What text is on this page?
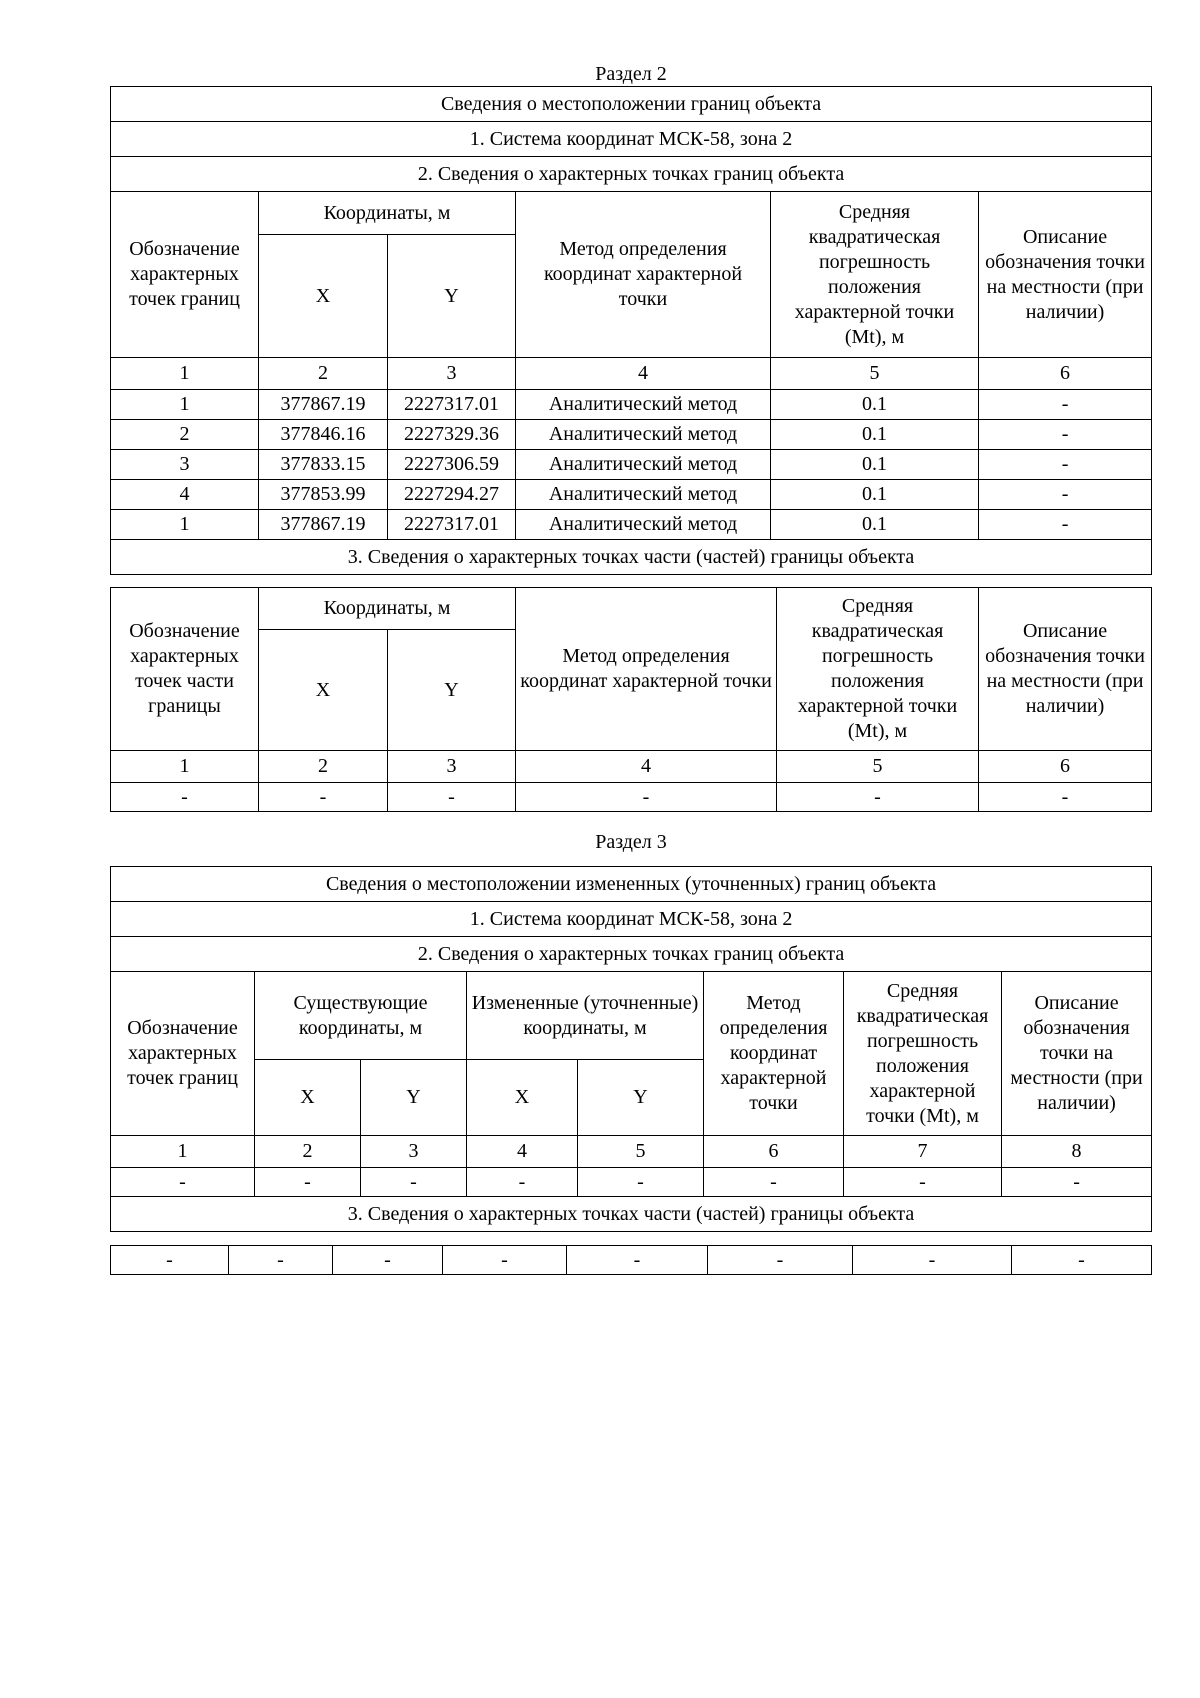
Раздел 2
Сведения о местоположении границ объекта					
1. Система координат МСК-58, зона 2					
2. Сведения о характерных точках границ объекта					
Обозначение характерных точек границ	Координаты, м		Метод определения координат характерной точки	Средняя квадратическая погрешность положения характерной точки (Mt), м	Описание обозначения точки на местности (при наличии)
	X	Y			
1	2	3	4	5	6
1	377867.19	2227317.01	Аналитический метод	0.1	-
2	377846.16	2227329.36	Аналитический метод	0.1	-
3	377833.15	2227306.59	Аналитический метод	0.1	-
4	377853.99	2227294.27	Аналитический метод	0.1	-
1	377867.19	2227317.01	Аналитический метод	0.1	-
3. Сведения о характерных точках части (частей) границы объекта					
Обозначение характерных точек части границы	Координаты, м		Метод определения координат характерной точки	Средняя квадратическая погрешность положения характерной точки (Mt), м	Описание обозначения точки на местности (при наличии)
	X	Y			
1	2	3	4	5	6
-	-	-	-	-	-
Раздел 3
Сведения о местоположении измененных (уточненных) границ объекта							
1. Система координат МСК-58, зона 2							
2. Сведения о характерных точках границ объекта							
Обозначение характерных точек границ	Существующие координаты, м		Измененные (уточненные) координаты, м		Метод определения координат характерной точки	Средняя квадратическая погрешность положения характерной точки (Mt), м	Описание обозначения точки на местности (при наличии)
	X	Y	X	Y			
1	2	3	4	5	6	7	8
-	-	-	-	-	-	-	-
3. Сведения о характерных точках части (частей) границы объекта							
-	-	-	-	-	-	-	-
